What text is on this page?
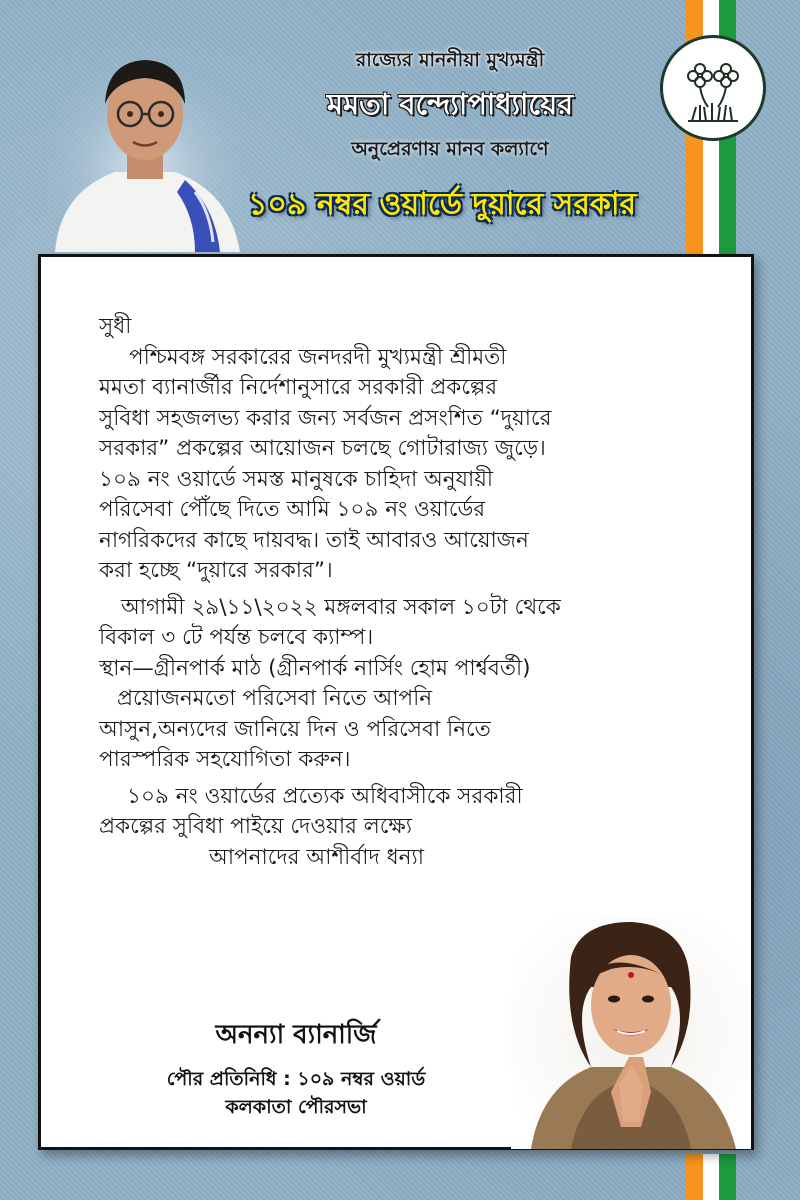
রাজ্যের মাননীয়া মুখ্যমন্ত্রী
মমতা বন্দ্যোপাধ্যায়ের
অনুপ্রেরণায় মানব কল্যাণে
১০৯ নম্বর ওয়ার্ডে দুয়ারে সরকার

সুধী

পশ্চিমবঙ্গ সরকারের জনদরদী মুখ্যমন্ত্রী শ্রীমতী

মমতা ব্যানার্জীর নির্দেশানুসারে সরকারী প্রকল্পের

সুবিধা সহজলভ্য করার জন্য সর্বজন প্রসংশিত “দুয়ারে

সরকার” প্রকল্পের আয়োজন চলছে গোটারাজ্য জুড়ে।

১০৯ নং ওয়ার্ডে সমস্ত মানুষকে চাহিদা অনুযায়ী

পরিসেবা পৌঁছে দিতে আমি ১০৯ নং ওয়ার্ডের

নাগরিকদের কাছে দায়বদ্ধ। তাই আবারও আয়োজন

করা হচ্ছে “দুয়ারে সরকার”।

আগামী ২৯\১১\২০২২ মঙ্গলবার সকাল ১০টা থেকে

বিকাল ৩ টে পর্যন্ত চলবে ক্যাম্প।

স্থান—গ্রীনপার্ক মাঠ (গ্রীনপার্ক নার্সিং হোম পার্শ্ববর্তী)

প্রয়োজনমতো পরিসেবা নিতে আপনি

আসুন,অন্যদের জানিয়ে দিন ও পরিসেবা নিতে

পারস্পরিক সহযোগিতা করুন।

১০৯ নং ওয়ার্ডের প্রত্যেক অধিবাসীকে সরকারী

প্রকল্পের সুবিধা পাইয়ে দেওয়ার লক্ষ্যে

আপনাদের আশীর্বাদ ধন্যা

অনন্যা ব্যানার্জি
পৌর প্রতিনিধি : ১০৯ নম্বর ওয়ার্ড
কলকাতা পৌরসভা
